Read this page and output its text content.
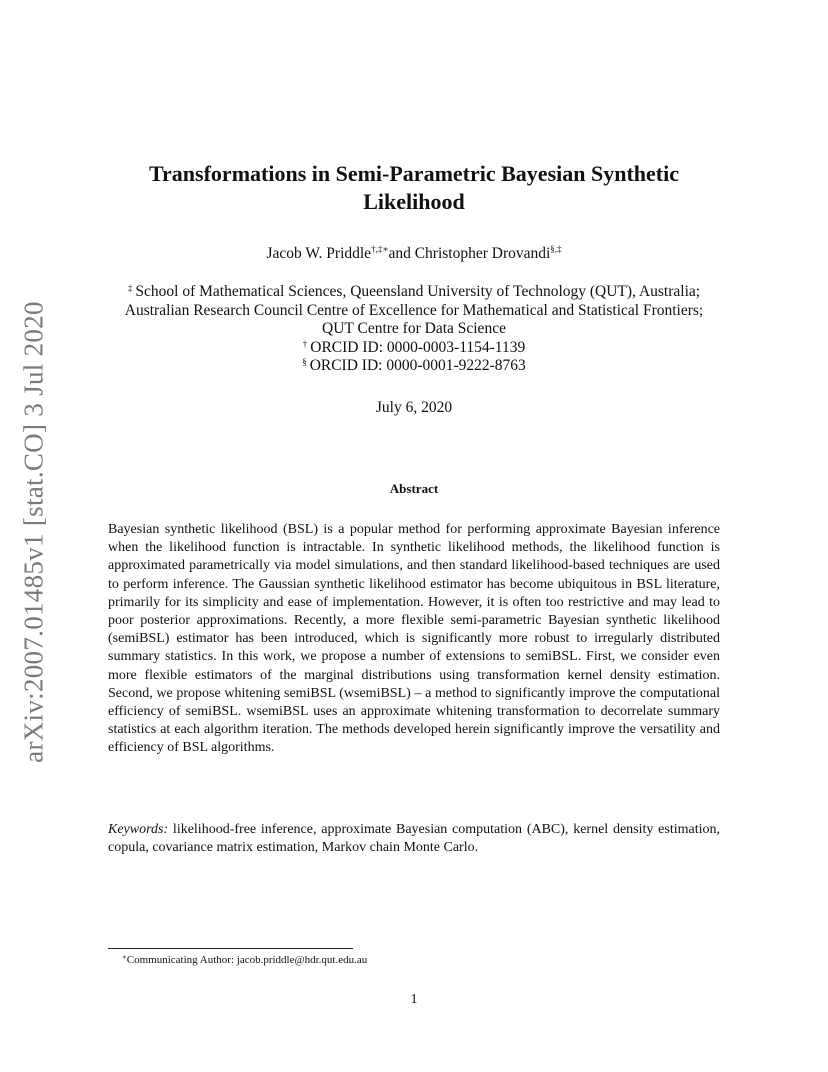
arXiv:2007.01485v1 [stat.CO] 3 Jul 2020
Transformations in Semi-Parametric Bayesian Synthetic Likelihood
Jacob W. Priddle†,‡∗and Christopher Drovandi§,‡
‡ School of Mathematical Sciences, Queensland University of Technology (QUT), Australia;
Australian Research Council Centre of Excellence for Mathematical and Statistical Frontiers;
QUT Centre for Data Science
† ORCID ID: 0000-0003-1154-1139
§ ORCID ID: 0000-0001-9222-8763
July 6, 2020
Abstract

Bayesian synthetic likelihood (BSL) is a popular method for performing approximate Bayesian inference when the likelihood function is intractable. In synthetic likelihood methods, the likelihood function is approximated parametrically via model simulations, and then standard likelihood-based techniques are used to perform inference. The Gaussian synthetic likelihood estimator has become ubiquitous in BSL literature, primarily for its simplicity and ease of implementation. However, it is often too restrictive and may lead to poor posterior approximations. Recently, a more flexible semi-parametric Bayesian synthetic likelihood (semiBSL) estimator has been introduced, which is significantly more robust to irregularly distributed summary statistics. In this work, we propose a number of extensions to semiBSL. First, we consider even more flexible estimators of the marginal distributions using transformation kernel density estimation. Second, we propose whitening semiBSL (wsemiBSL) – a method to significantly improve the computational efficiency of semiBSL. wsemiBSL uses an approximate whitening transformation to decorrelate summary statistics at each algorithm iteration. The methods developed herein significantly improve the versatility and efficiency of BSL algorithms.

Keywords: likelihood-free inference, approximate Bayesian computation (ABC), kernel density estimation, copula, covariance matrix estimation, Markov chain Monte Carlo.

∗Communicating Author: jacob.priddle@hdr.qut.edu.au
1
